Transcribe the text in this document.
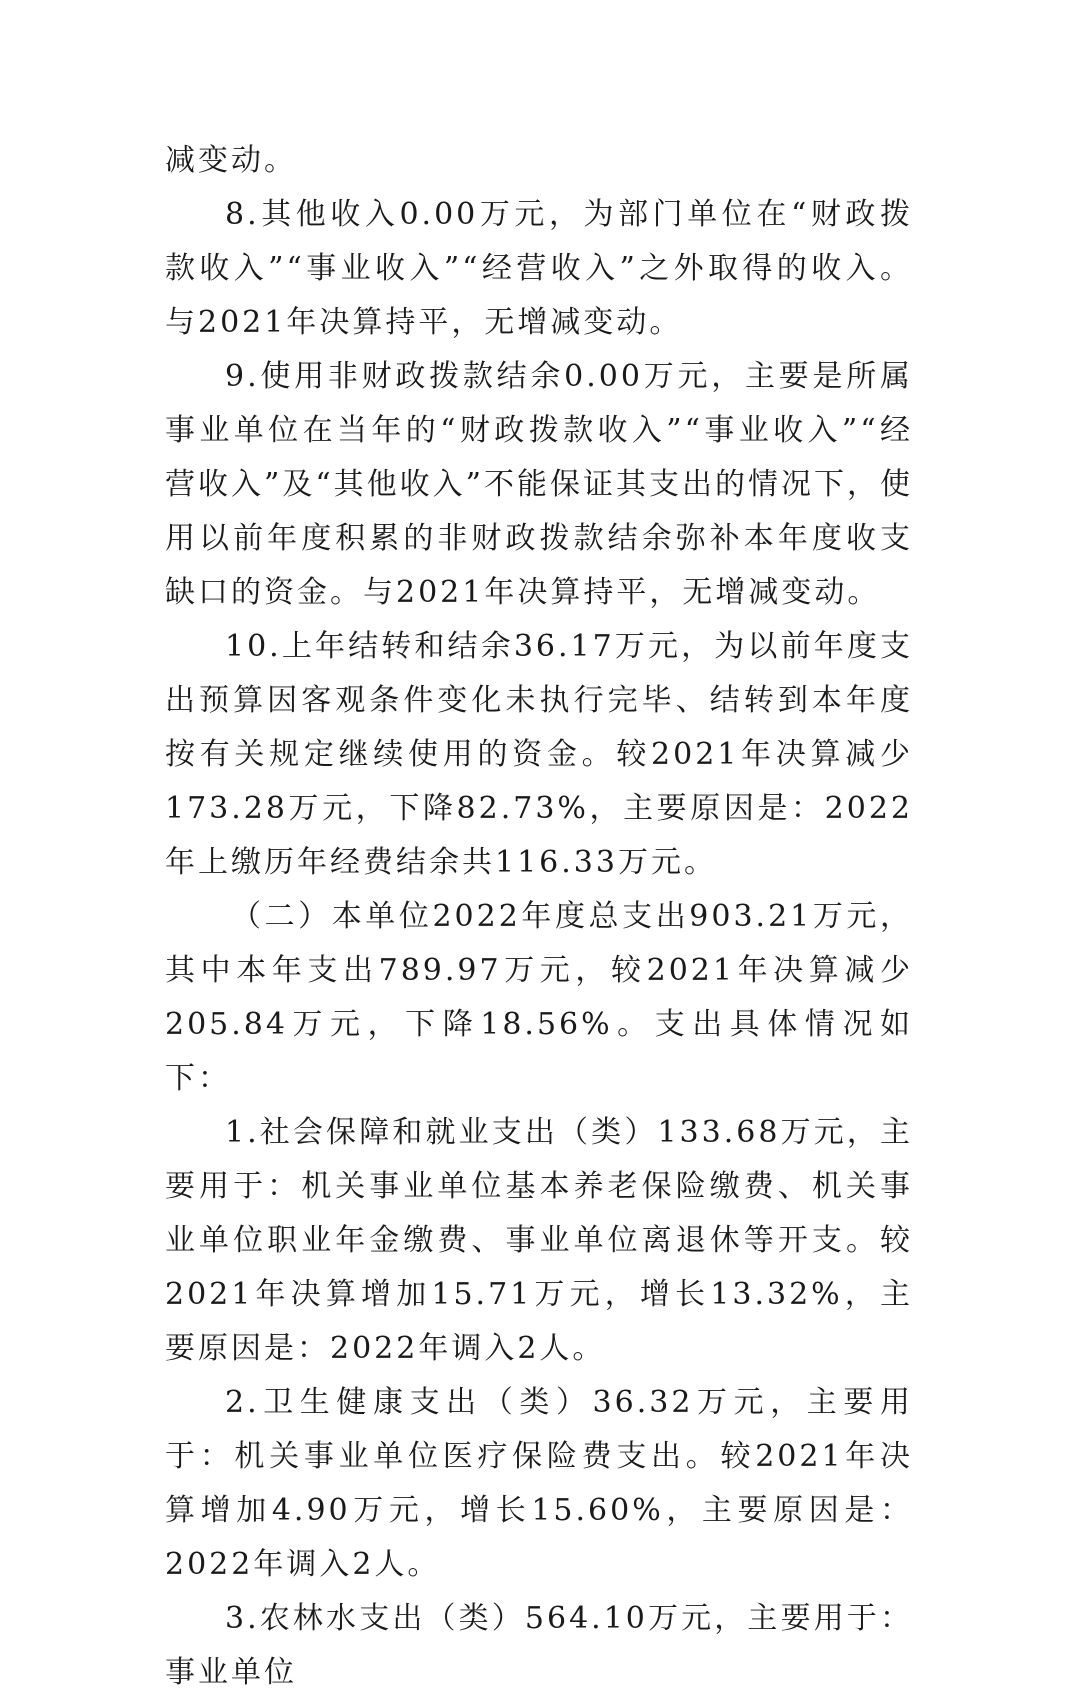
减变动。

8.其他收入0.00万元，为部门单位在“财政拨款收入”“事业收入”“经营收入”之外取得的收入。与2021年决算持平，无增减变动。

9.使用非财政拨款结余0.00万元，主要是所属事业单位在当年的“财政拨款收入”“事业收入”“经营收入”及“其他收入”不能保证其支出的情况下，使用以前年度积累的非财政拨款结余弥补本年度收支缺口的资金。与2021年决算持平，无增减变动。

10.上年结转和结余36.17万元，为以前年度支出预算因客观条件变化未执行完毕、结转到本年度按有关规定继续使用的资金。较2021年决算减少173.28万元，下降82.73%，主要原因是：2022年上缴历年经费结余共116.33万元。

（二）本单位2022年度总支出903.21万元，其中本年支出789.97万元，较2021年决算减少205.84万元，下降18.56%。支出具体情况如下：

1.社会保障和就业支出（类）133.68万元，主要用于：机关事业单位基本养老保险缴费、机关事业单位职业年金缴费、事业单位离退休等开支。较2021年决算增加15.71万元，增长13.32%，主要原因是：2022年调入2人。

2.卫生健康支出（类）36.32万元，主要用于：机关事业单位医疗保险费支出。较2021年决算增加4.90万元，增长15.60%，主要原因是：2022年调入2人。

3.农林水支出（类）564.10万元，主要用于：事业单位
